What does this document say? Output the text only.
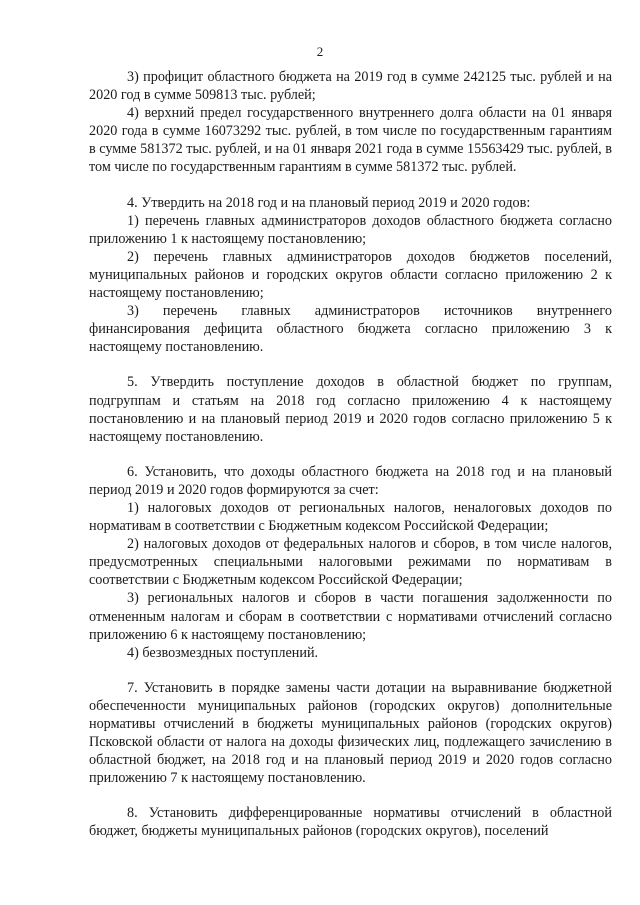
2

3) профицит областного бюджета на 2019 год в сумме 242125 тыс. рублей и на 2020 год в сумме 509813 тыс. рублей;

4) верхний предел государственного внутреннего долга области на 01 января 2020 года в сумме 16073292 тыс. рублей, в том числе по государственным гарантиям в сумме 581372 тыс. рублей, и на 01 января 2021 года в сумме 15563429 тыс. рублей, в том числе по государственным гарантиям в сумме 581372 тыс. рублей.

4. Утвердить на 2018 год и на плановый период 2019 и 2020 годов:

1) перечень главных администраторов доходов областного бюджета согласно приложению 1 к настоящему постановлению;

2) перечень главных администраторов доходов бюджетов поселений, муниципальных районов и городских округов области согласно приложению 2 к настоящему постановлению;

3) перечень главных администраторов источников внутреннего финансирования дефицита областного бюджета согласно приложению 3 к настоящему постановлению.

5. Утвердить поступление доходов в областной бюджет по группам, подгруппам и статьям на 2018 год согласно приложению 4 к настоящему постановлению и на плановый период 2019 и 2020 годов согласно приложению 5 к настоящему постановлению.

6. Установить, что доходы областного бюджета на 2018 год и на плановый период 2019 и 2020 годов формируются за счет:

1) налоговых доходов от региональных налогов, неналоговых доходов по нормативам в соответствии с Бюджетным кодексом Российской Федерации;

2) налоговых доходов от федеральных налогов и сборов, в том числе налогов, предусмотренных специальными налоговыми режимами по нормативам в соответствии с Бюджетным кодексом Российской Федерации;

3) региональных налогов и сборов в части погашения задолженности по отмененным налогам и сборам в соответствии с нормативами отчислений согласно приложению 6 к настоящему постановлению;

4) безвозмездных поступлений.

7. Установить в порядке замены части дотации на выравнивание бюджетной обеспеченности муниципальных районов (городских округов) дополнительные нормативы отчислений в бюджеты муниципальных районов (городских округов) Псковской области от налога на доходы физических лиц, подлежащего зачислению в областной бюджет, на 2018 год и на плановый период 2019 и 2020 годов согласно приложению 7 к настоящему постановлению.

8. Установить дифференцированные нормативы отчислений в областной бюджет, бюджеты муниципальных районов (городских округов), поселений
